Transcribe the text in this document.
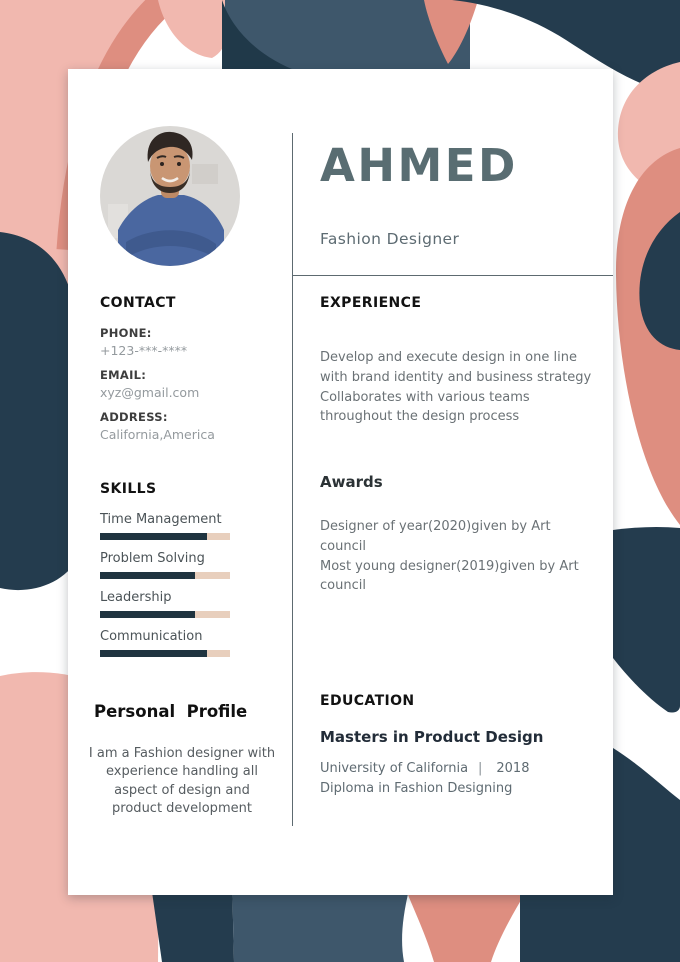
CONTACT
PHONE:
+123-***-****
EMAIL:
xyz@gmail.com
ADDRESS:
California,America
SKILLS
Time Management
Problem Solving
Leadership
Communication
Personal  Profile
I am a Fashion designer with experience handling all aspect of design and product development
AHMED
Fashion Designer
EXPERIENCE
Develop and execute design in one line with brand identity and business strategy
Collaborates with various teams throughout the design process
Awards
Designer of year(2020)given by Art council
Most young designer(2019)given by Art council
EDUCATION
Masters in Product Design
University of California | 2018
Diploma in Fashion Designing
